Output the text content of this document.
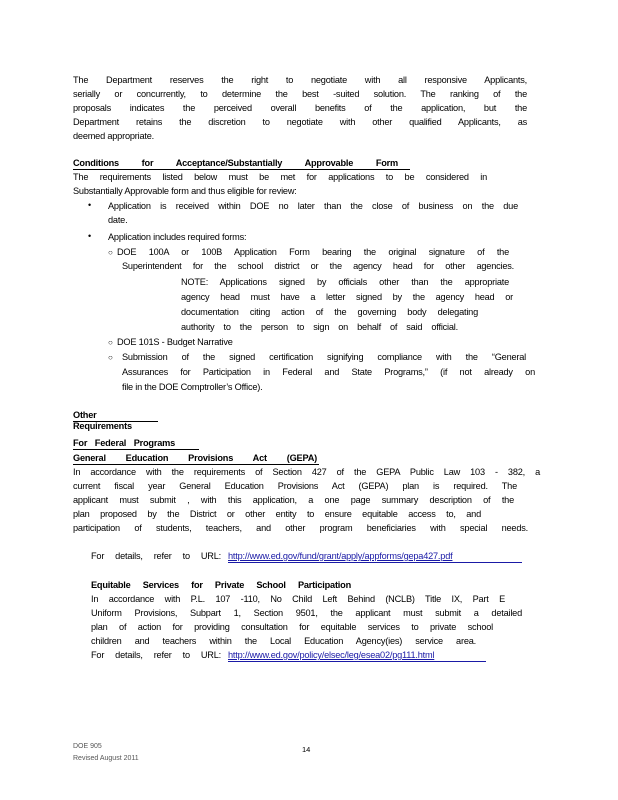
The Department reserves the right to negotiate with all responsive Applicants,
serially or concurrently, to determine the best -suited solution. The ranking of the
proposals indicates the perceived overall benefits of the application, but the
Department retains the discretion to negotiate with other qualified Applicants, as
deemed appropriate.
Conditions for Acceptance/Substantially Approvable Form
The requirements listed below must be met for applications to be considered in
Substantially Approvable form and thus eligible for review:
• Application is received within DOE no later than the close of business on the due
date.
• Application includes required forms:
○ DOE 100A or 100B Application Form bearing the original signature of the
Superintendent for the school district or the agency head for other agencies.
NOTE: Applications signed by officials other than the appropriate
agency head must have a letter signed by the agency head or
documentation citing action of the governing body delegating
authority to the person to sign on behalf of said official.
○ DOE 101S - Budget Narrative
○ Submission of the signed certification signifying compliance with the “General
Assurances for Participation in Federal and State Programs,” (if not already on
file in the DOE Comptroller’s Office).
Other Requirements
For Federal Programs
General Education Provisions Act (GEPA)
In accordance with the requirements of Section 427 of the GEPA Public Law 103 - 382, a
current fiscal year General Education Provisions Act (GEPA) plan is required. The
applicant must submit , with this application, a one page summary description of the
plan proposed by the District or other entity to ensure equitable access to, and
participation of students, teachers, and other program beneficiaries with special needs.
For details, refer to URL: http://www.ed.gov/fund/grant/apply/appforms/gepa427.pdf
Equitable Services for Private School Participation
In accordance with P.L. 107 -110, No Child Left Behind (NCLB) Title IX, Part E
Uniform Provisions, Subpart 1, Section 9501, the applicant must submit a detailed
plan of action for providing consultation for equitable services to private school
children and teachers within the Local Education Agency(ies) service area.
For details, refer to URL: http://www.ed.gov/policy/elsec/leg/esea02/pg111.html
DOE 905
Revised August 2011
14
